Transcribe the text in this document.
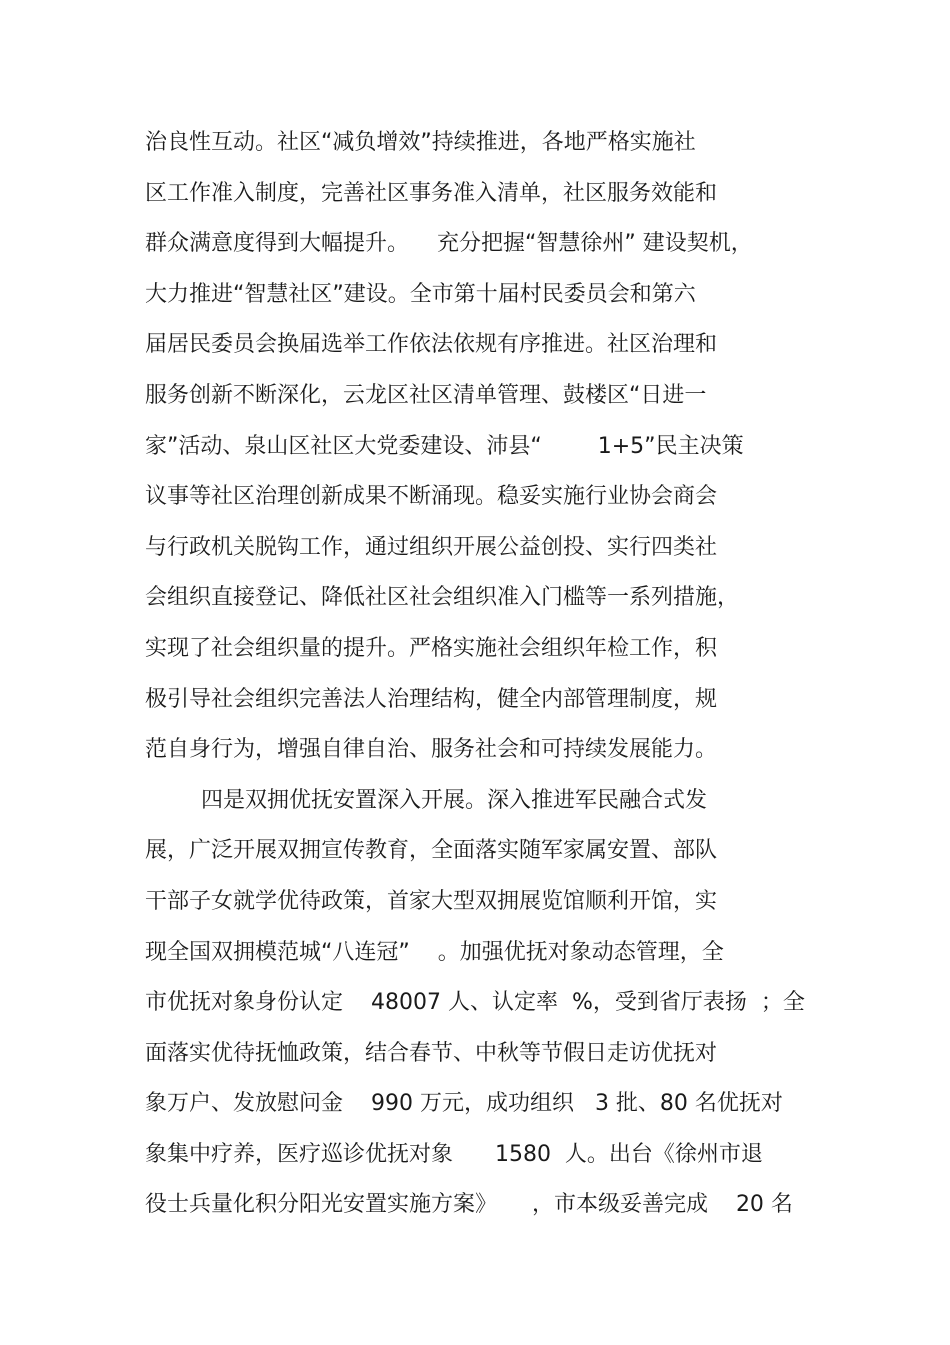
治良性互动。社区“减负增效”持续推进，各地严格实施社
区工作准入制度，完善社区事务准入清单，社区服务效能和
群众满意度得到大幅提升。    充分把握“智慧徐州” 建设契机，
大力推进“智慧社区”建设。全市第十届村民委员会和第六
届居民委员会换届选举工作依法依规有序推进。社区治理和
服务创新不断深化，云龙区社区清单管理、鼓楼区“日进一
家”活动、泉山区社区大党委建设、沛县“        1+5”民主决策
议事等社区治理创新成果不断涌现。稳妥实施行业协会商会
与行政机关脱钩工作，通过组织开展公益创投、实行四类社
会组织直接登记、降低社区社会组织准入门槛等一系列措施，
实现了社会组织量的提升。严格实施社会组织年检工作，积
极引导社会组织完善法人治理结构，健全内部管理制度，规
范自身行为，增强自律自治、服务社会和可持续发展能力。
四是双拥优抚安置深入开展。深入推进军民融合式发
展，广泛开展双拥宣传教育，全面落实随军家属安置、部队
干部子女就学优待政策，首家大型双拥展览馆顺利开馆，实
现全国双拥模范城“八连冠”    。加强优抚对象动态管理，全
市优抚对象身份认定    48007 人、认定率  %，受到省厅表扬  ；全
面落实优待抚恤政策，结合春节、中秋等节假日走访优抚对
象万户、发放慰问金    990 万元，成功组织   3 批、80 名优抚对
象集中疗养，医疗巡诊优抚对象      1580  人。出台《徐州市退
役士兵量化积分阳光安置实施方案》     ，市本级妥善完成    20 名
